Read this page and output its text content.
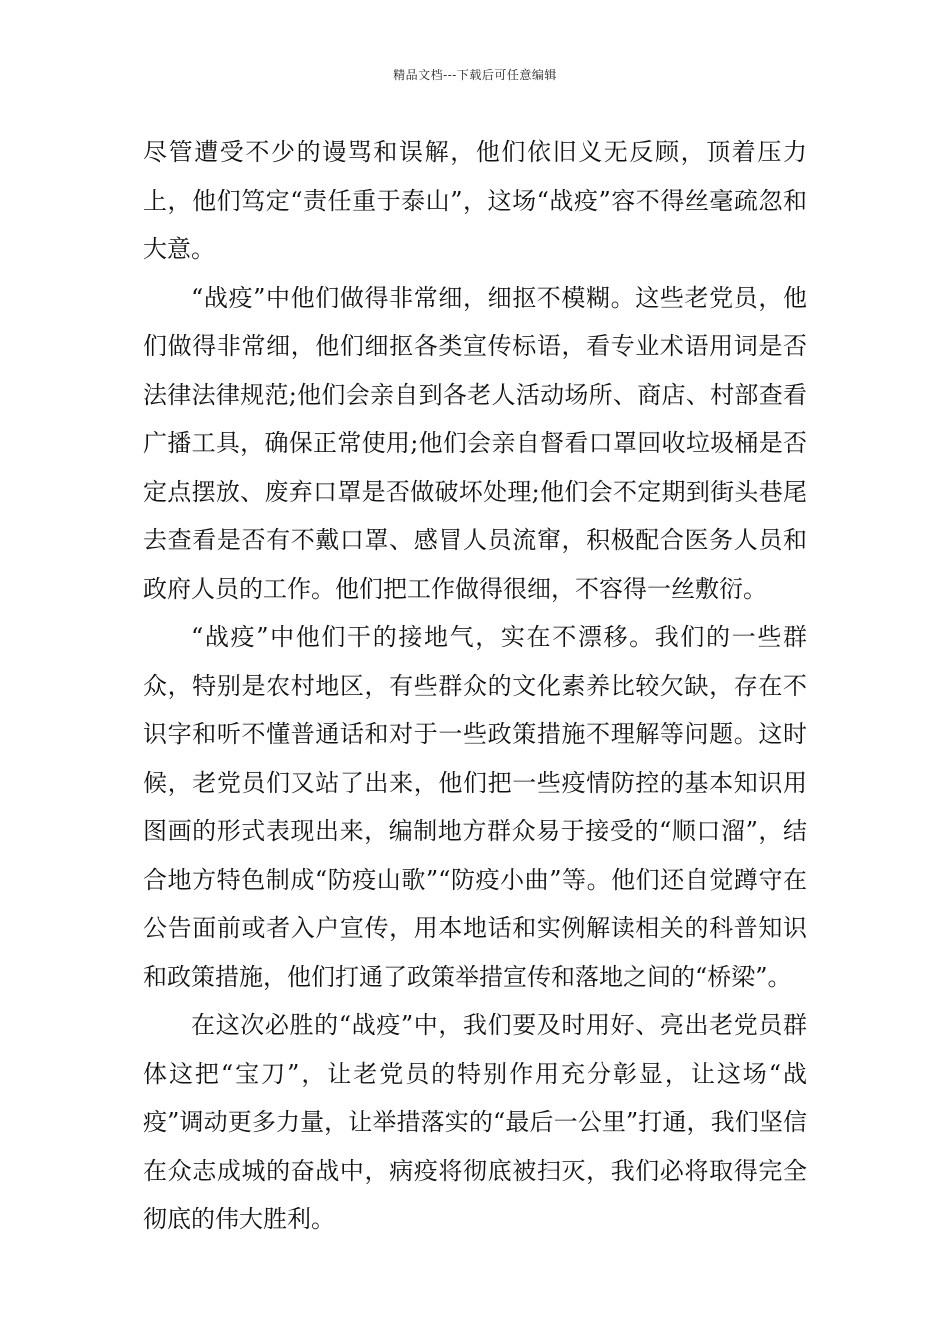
精品文档---下载后可任意编辑

尽管遭受不少的谩骂和误解，他们依旧义无反顾，顶着压力上，他们笃定“责任重于泰山”，这场“战疫”容不得丝毫疏忽和大意。

“战疫”中他们做得非常细，细抠不模糊。这些老党员，他们做得非常细，他们细抠各类宣传标语，看专业术语用词是否法律法律规范;他们会亲自到各老人活动场所、商店、村部查看广播工具，确保正常使用;他们会亲自督看口罩回收垃圾桶是否定点摆放、废弃口罩是否做破坏处理;他们会不定期到街头巷尾去查看是否有不戴口罩、感冒人员流窜，积极配合医务人员和政府人员的工作。他们把工作做得很细，不容得一丝敷衍。

“战疫”中他们干的接地气，实在不漂移。我们的一些群众，特别是农村地区，有些群众的文化素养比较欠缺，存在不识字和听不懂普通话和对于一些政策措施不理解等问题。这时候，老党员们又站了出来，他们把一些疫情防控的基本知识用图画的形式表现出来，编制地方群众易于接受的“顺口溜”，结合地方特色制成“防疫山歌”“防疫小曲”等。他们还自觉蹲守在公告面前或者入户宣传，用本地话和实例解读相关的科普知识和政策措施，他们打通了政策举措宣传和落地之间的“桥梁”。

在这次必胜的“战疫”中，我们要及时用好、亮出老党员群体这把“宝刀”，让老党员的特别作用充分彰显，让这场“战疫”调动更多力量，让举措落实的“最后一公里”打通，我们坚信在众志成城的奋战中，病疫将彻底被扫灭，我们必将取得完全彻底的伟大胜利。
